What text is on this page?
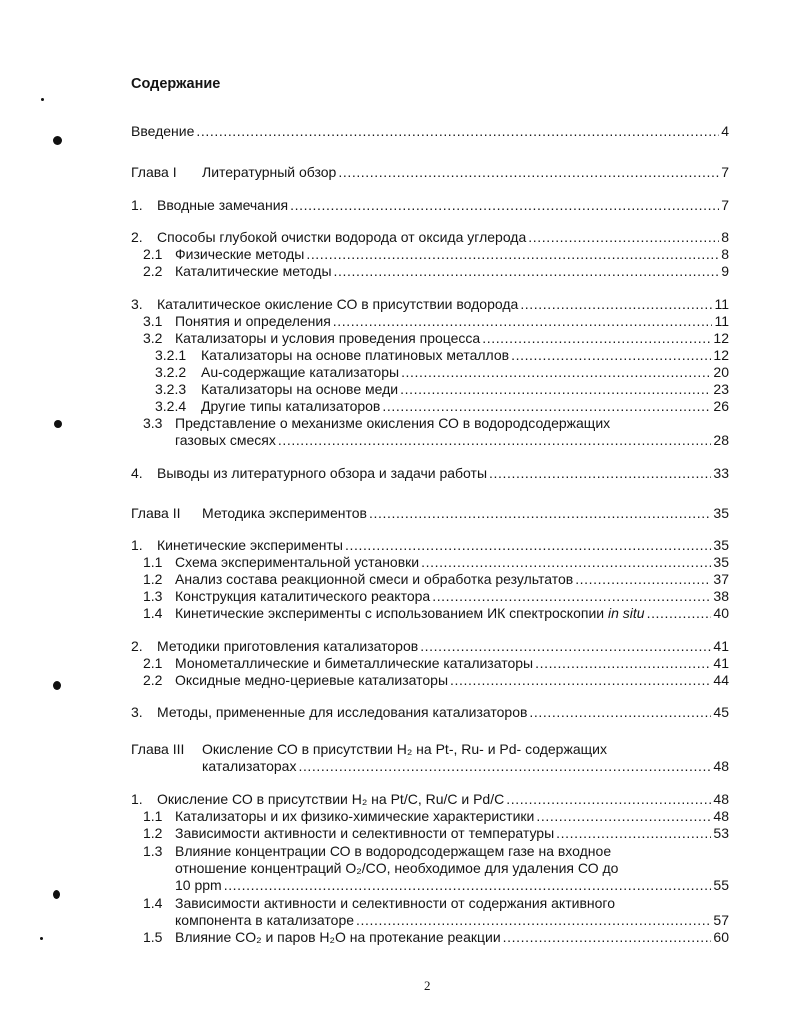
Содержание
Введение .....	4
Глава I Литературный обзор .....	7
1. Вводные замечания .....	7
2. Способы глубокой очистки водорода от оксида углерода .....	8
2.1 Физические методы .....	8
2.2 Каталитические методы .....	9
3. Каталитическое окисление СО в присутствии водорода .....	11
3.1 Понятия и определения .....	11
3.2 Катализаторы и условия проведения процесса .....	12
3.2.1 Катализаторы на основе платиновых металлов .....	12
3.2.2 Au-содержащие катализаторы .....	20
3.2.3 Катализаторы на основе меди .....	23
3.2.4 Другие типы катализаторов .....	26
3.3 Представление о механизме окисления СО в водородсодержащих
газовых смесях .....	28
4. Выводы из литературного обзора и задачи работы .....	33
Глава II Методика экспериментов .....	35
1. Кинетические эксперименты .....	35
1.1 Схема экспериментальной установки .....	35
1.2 Анализ состава реакционной смеси и обработка результатов .....	37
1.3 Конструкция каталитического реактора .....	38
1.4 Кинетические эксперименты с использованием ИК спектроскопии in situ .....	40
2. Методики приготовления катализаторов .....	41
2.1 Монометаллические и биметаллические катализаторы .....	41
2.2 Оксидные медно-цериевые катализаторы .....	44
3. Методы, примененные для исследования катализаторов .....	45
Глава III Окисление СО в присутствии H₂ на Pt-, Ru- и Pd- содержащих
катализаторах .....	48
1. Окисление СО в присутствии H₂ на Pt/C, Ru/C и Pd/C .....	48
1.1 Катализаторы и их физико-химические характеристики .....	48
1.2 Зависимости активности и селективности от температуры .....	53
1.3 Влияние концентрации СО в водородсодержащем газе на входное
отношение концентраций O₂/CO, необходимое для удаления СО до
10 ppm .....	55
1.4 Зависимости активности и селективности от содержания активного
компонента в катализаторе .....	57
1.5 Влияние CO₂ и паров H₂O на протекание реакции .....	60
2
